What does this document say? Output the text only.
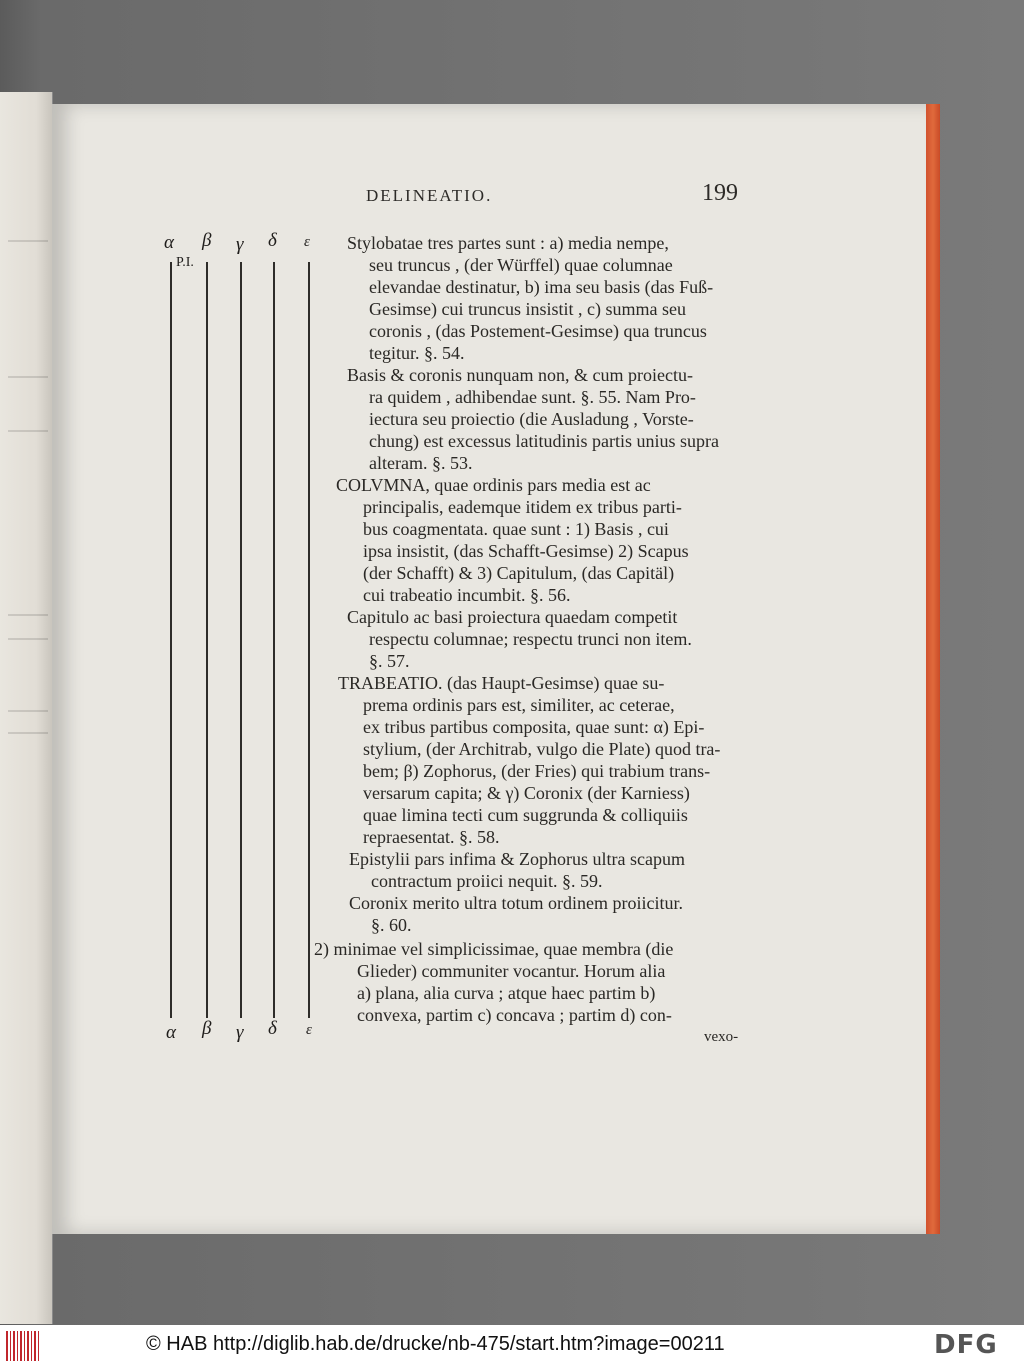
DELINEATIO.	199
α β γ δ ε
P.I.
α β γ δ ε
Stylobatae tres partes sunt : a) media nempe,
seu truncus , (der Würffel) quae columnae
elevandae destinatur, b) ima seu basis (das Fuß-
Gesimse) cui truncus insistit , c) summa seu
coronis , (das Postement-Gesimse) qua truncus
tegitur. §. 54.
Basis & coronis nunquam non, & cum proiectu-
ra quidem , adhibendae sunt. §. 55. Nam Pro-
iectura seu proiectio (die Ausladung , Vorste-
chung) est excessus latitudinis partis unius supra
alteram. §. 53.
COLVMNA, quae ordinis pars media est ac
principalis, eademque itidem ex tribus parti-
bus coagmentata. quae sunt : 1) Basis , cui
ipsa insistit, (das Schafft-Gesimse) 2) Scapus
(der Schafft) & 3) Capitulum, (das Capitäl)
cui trabeatio incumbit. §. 56.
Capitulo ac basi proiectura quaedam competit
respectu columnae; respectu trunci non item.
§. 57.
TRABEATIO. (das Haupt-Gesimse) quae su-
prema ordinis pars est, similiter, ac ceterae,
ex tribus partibus composita, quae sunt: α) Epi-
stylium, (der Architrab, vulgo die Plate) quod tra-
bem; β) Zophorus, (der Fries) qui trabium trans-
versarum capita; & γ) Coronix (der Karniess)
quae limina tecti cum suggrunda & colliquiis
repraesentat. §. 58.
Epistylii pars infima & Zophorus ultra scapum
contractum proiici nequit. §. 59.
Coronix merito ultra totum ordinem proiicitur.
§. 60.
2) minimae vel simplicissimae, quae membra (die
Glieder) communiter vocantur. Horum alia
a) plana, alia curva ; atque haec partim b)
convexa, partim c) concava ; partim d) con-
vexo-
© HAB http://diglib.hab.de/drucke/nb-475/start.htm?image=00211	DFG
